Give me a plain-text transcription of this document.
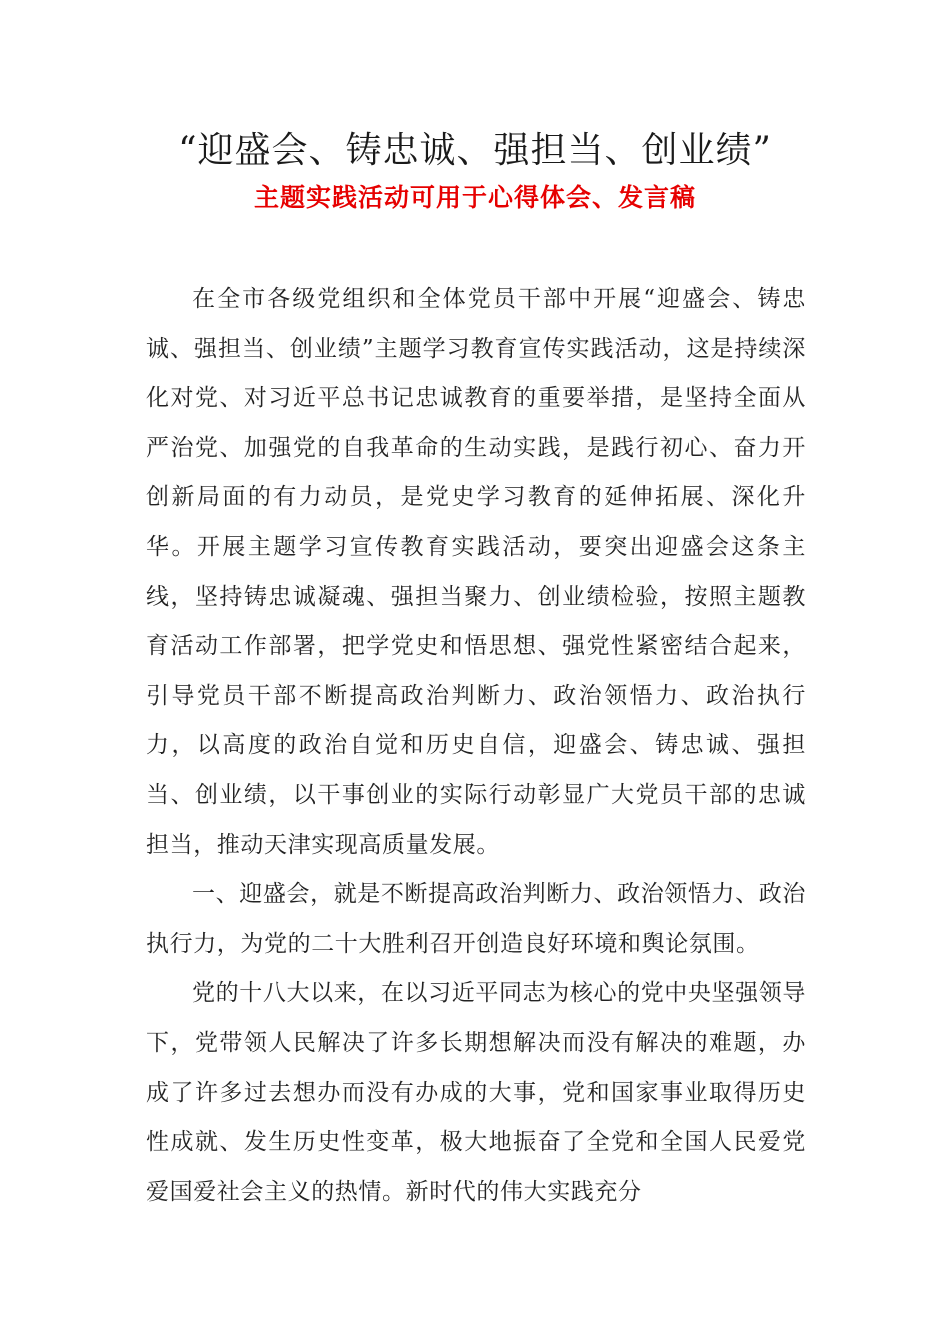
“迎盛会、铸忠诚、强担当、创业绩”
主题实践活动可用于心得体会、发言稿

在全市各级党组织和全体党员干部中开展“迎盛会、铸忠诚、强担当、创业绩”主题学习教育宣传实践活动，这是持续深化对党、对习近平总书记忠诚教育的重要举措，是坚持全面从严治党、加强党的自我革命的生动实践，是践行初心、奋力开创新局面的有力动员，是党史学习教育的延伸拓展、深化升华。开展主题学习宣传教育实践活动，要突出迎盛会这条主线，坚持铸忠诚凝魂、强担当聚力、创业绩检验，按照主题教育活动工作部署，把学党史和悟思想、强党性紧密结合起来，引导党员干部不断提高政治判断力、政治领悟力、政治执行力，以高度的政治自觉和历史自信，迎盛会、铸忠诚、强担当、创业绩，以干事创业的实际行动彰显广大党员干部的忠诚担当，推动天津实现高质量发展。

一、迎盛会，就是不断提高政治判断力、政治领悟力、政治执行力，为党的二十大胜利召开创造良好环境和舆论氛围。

党的十八大以来，在以习近平同志为核心的党中央坚强领导下，党带领人民解决了许多长期想解决而没有解决的难题，办成了许多过去想办而没有办成的大事，党和国家事业取得历史性成就、发生历史性变革，极大地振奋了全党和全国人民爱党爱国爱社会主义的热情。新时代的伟大实践充分
